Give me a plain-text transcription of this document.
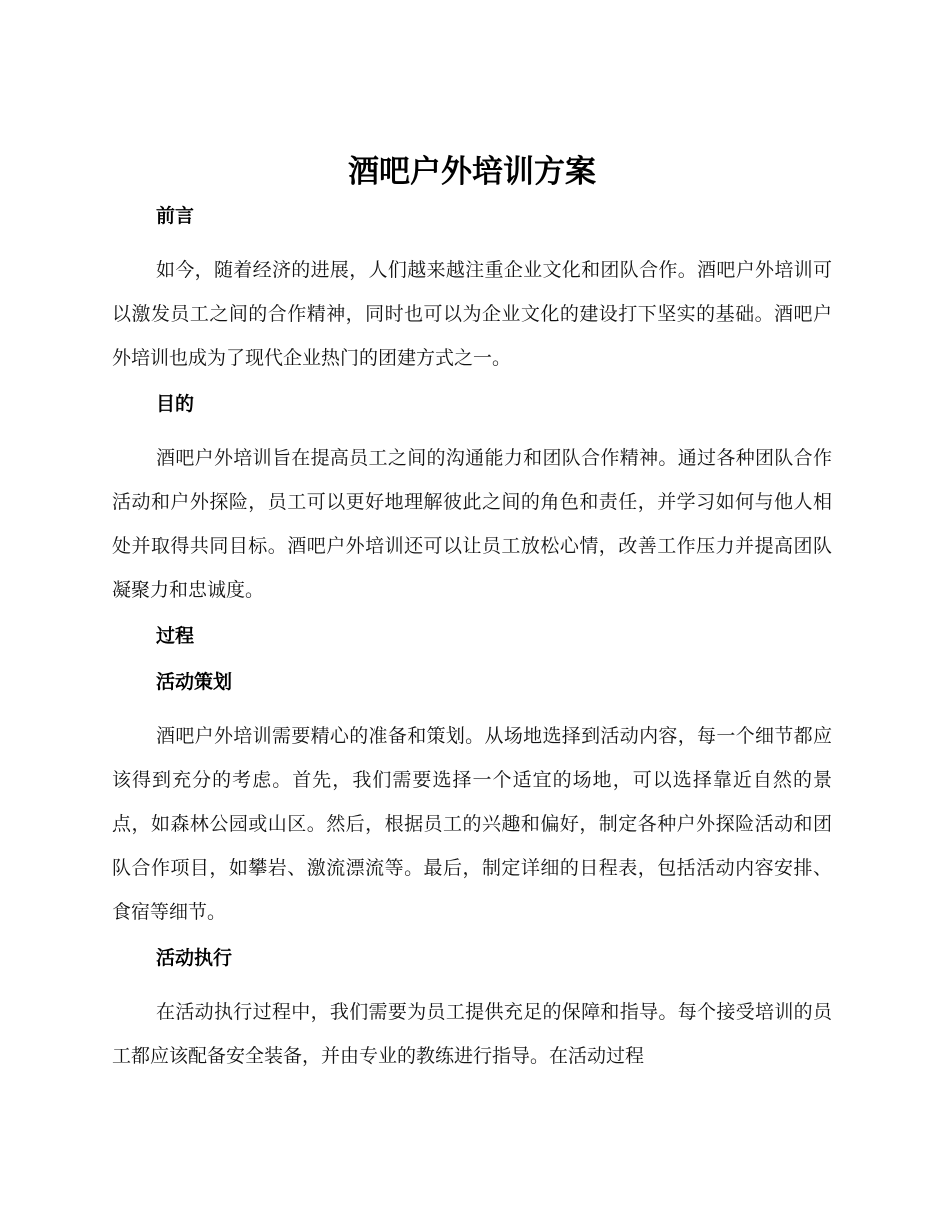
酒吧户外培训方案
前言

如今，随着经济的进展，人们越来越注重企业文化和团队合作。酒吧户外培训可以激发员工之间的合作精神，同时也可以为企业文化的建设打下坚实的基础。酒吧户外培训也成为了现代企业热门的团建方式之一。

目的

酒吧户外培训旨在提高员工之间的沟通能力和团队合作精神。通过各种团队合作活动和户外探险，员工可以更好地理解彼此之间的角色和责任，并学习如何与他人相处并取得共同目标。酒吧户外培训还可以让员工放松心情，改善工作压力并提高团队凝聚力和忠诚度。

过程
活动策划

酒吧户外培训需要精心的准备和策划。从场地选择到活动内容，每一个细节都应该得到充分的考虑。首先，我们需要选择一个适宜的场地，可以选择靠近自然的景点，如森林公园或山区。然后，根据员工的兴趣和偏好，制定各种户外探险活动和团队合作项目，如攀岩、激流漂流等。最后，制定详细的日程表，包括活动内容安排、食宿等细节。

活动执行

在活动执行过程中，我们需要为员工提供充足的保障和指导。每个接受培训的员工都应该配备安全装备，并由专业的教练进行指导。在活动过程
